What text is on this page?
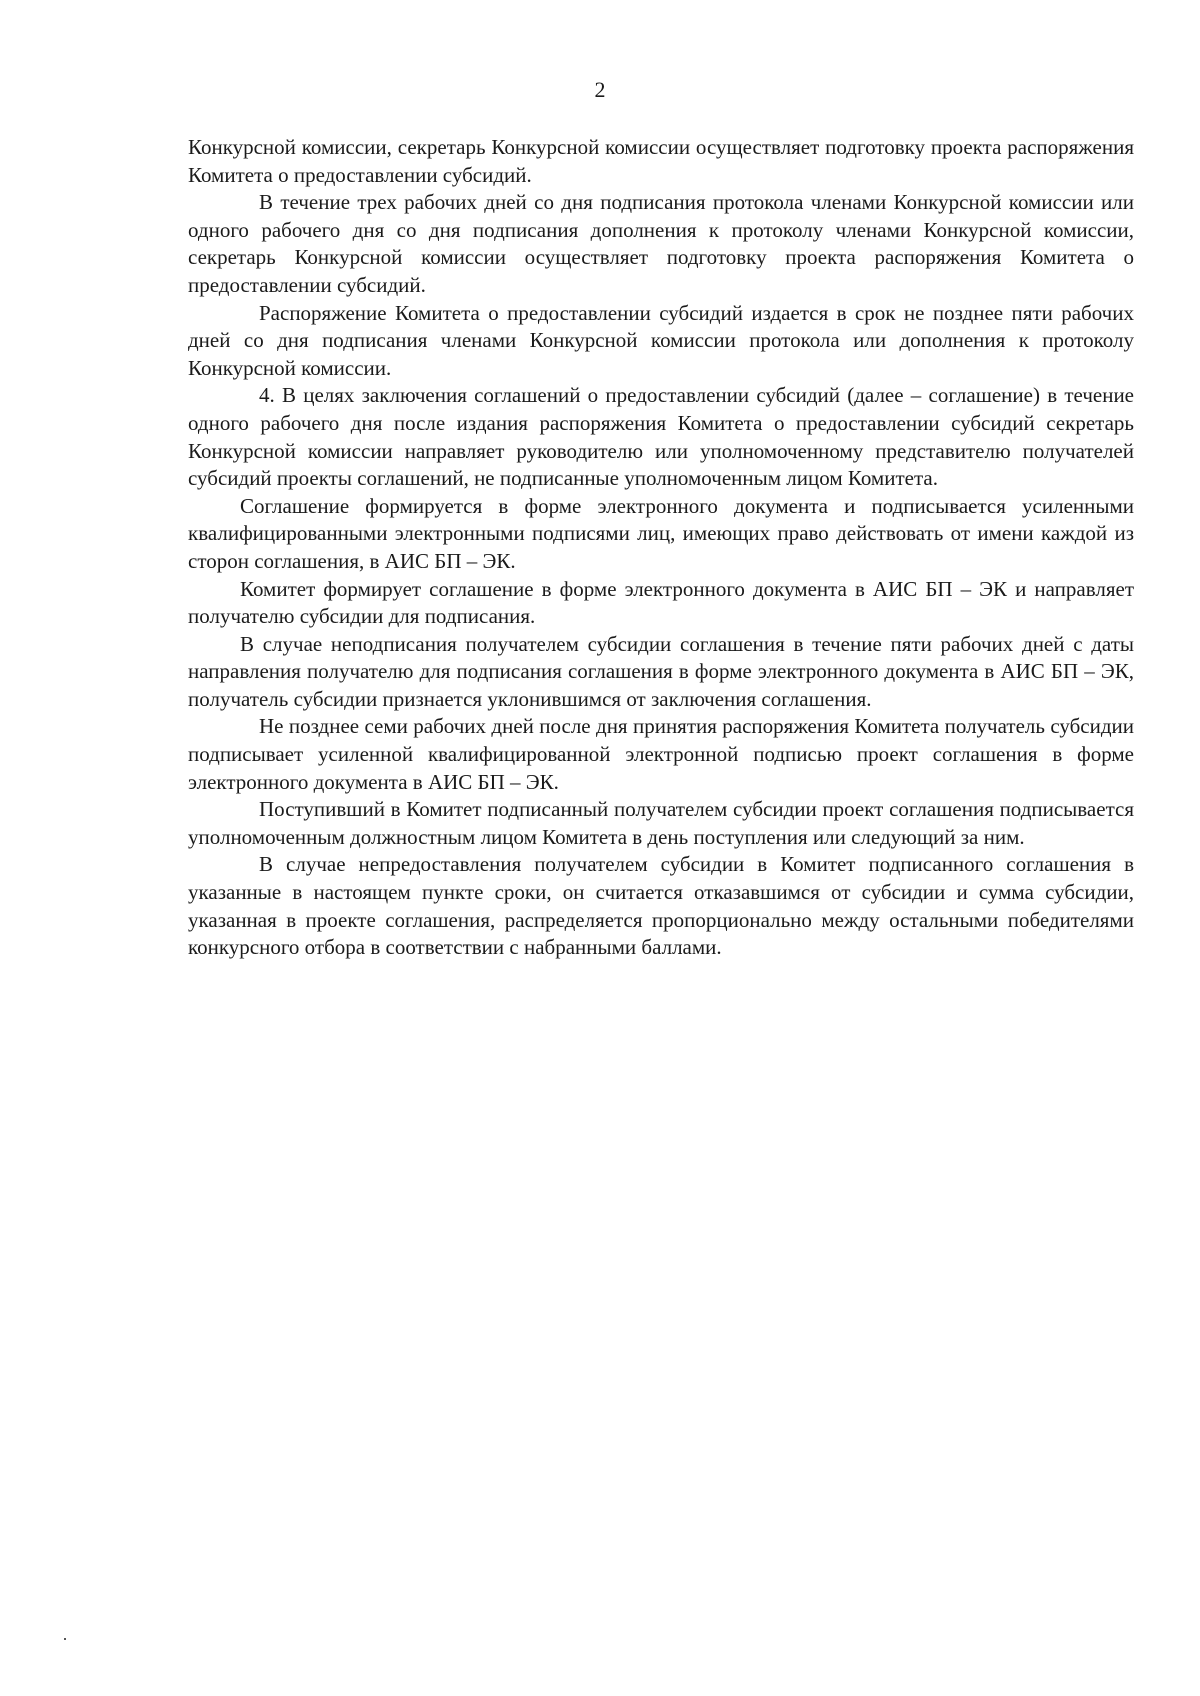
2

Конкурсной комиссии, секретарь Конкурсной комиссии осуществляет подготовку проекта распоряжения Комитета о предоставлении субсидий.

В течение трех рабочих дней со дня подписания протокола членами Конкурсной комиссии или одного рабочего дня со дня подписания дополнения к протоколу членами Конкурсной комиссии, секретарь Конкурсной комиссии осуществляет подготовку проекта распоряжения Комитета о предоставлении субсидий.

Распоряжение Комитета о предоставлении субсидий издается в срок не позднее пяти рабочих дней со дня подписания членами Конкурсной комиссии протокола или дополнения к протоколу Конкурсной комиссии.

4. В целях заключения соглашений о предоставлении субсидий (далее – соглашение) в течение одного рабочего дня после издания распоряжения Комитета о предоставлении субсидий секретарь Конкурсной комиссии направляет руководителю или уполномоченному представителю получателей субсидий проекты соглашений, не подписанные уполномоченным лицом Комитета.

Соглашение формируется в форме электронного документа и подписывается усиленными квалифицированными электронными подписями лиц, имеющих право действовать от имени каждой из сторон соглашения, в АИС БП – ЭК.

Комитет формирует соглашение в форме электронного документа в АИС БП – ЭК и направляет получателю субсидии для подписания.

В случае неподписания получателем субсидии соглашения в течение пяти рабочих дней с даты направления получателю для подписания соглашения в форме электронного документа в АИС БП – ЭК, получатель субсидии признается уклонившимся от заключения соглашения.

Не позднее семи рабочих дней после дня принятия распоряжения Комитета получатель субсидии подписывает усиленной квалифицированной электронной подписью проект соглашения в форме электронного документа в АИС БП – ЭК.

Поступивший в Комитет подписанный получателем субсидии проект соглашения подписывается уполномоченным должностным лицом Комитета в день поступления или следующий за ним.

В случае непредоставления получателем субсидии в Комитет подписанного соглашения в указанные в настоящем пункте сроки, он считается отказавшимся от субсидии и сумма субсидии, указанная в проекте соглашения, распределяется пропорционально между остальными победителями конкурсного отбора в соответствии с набранными баллами.
